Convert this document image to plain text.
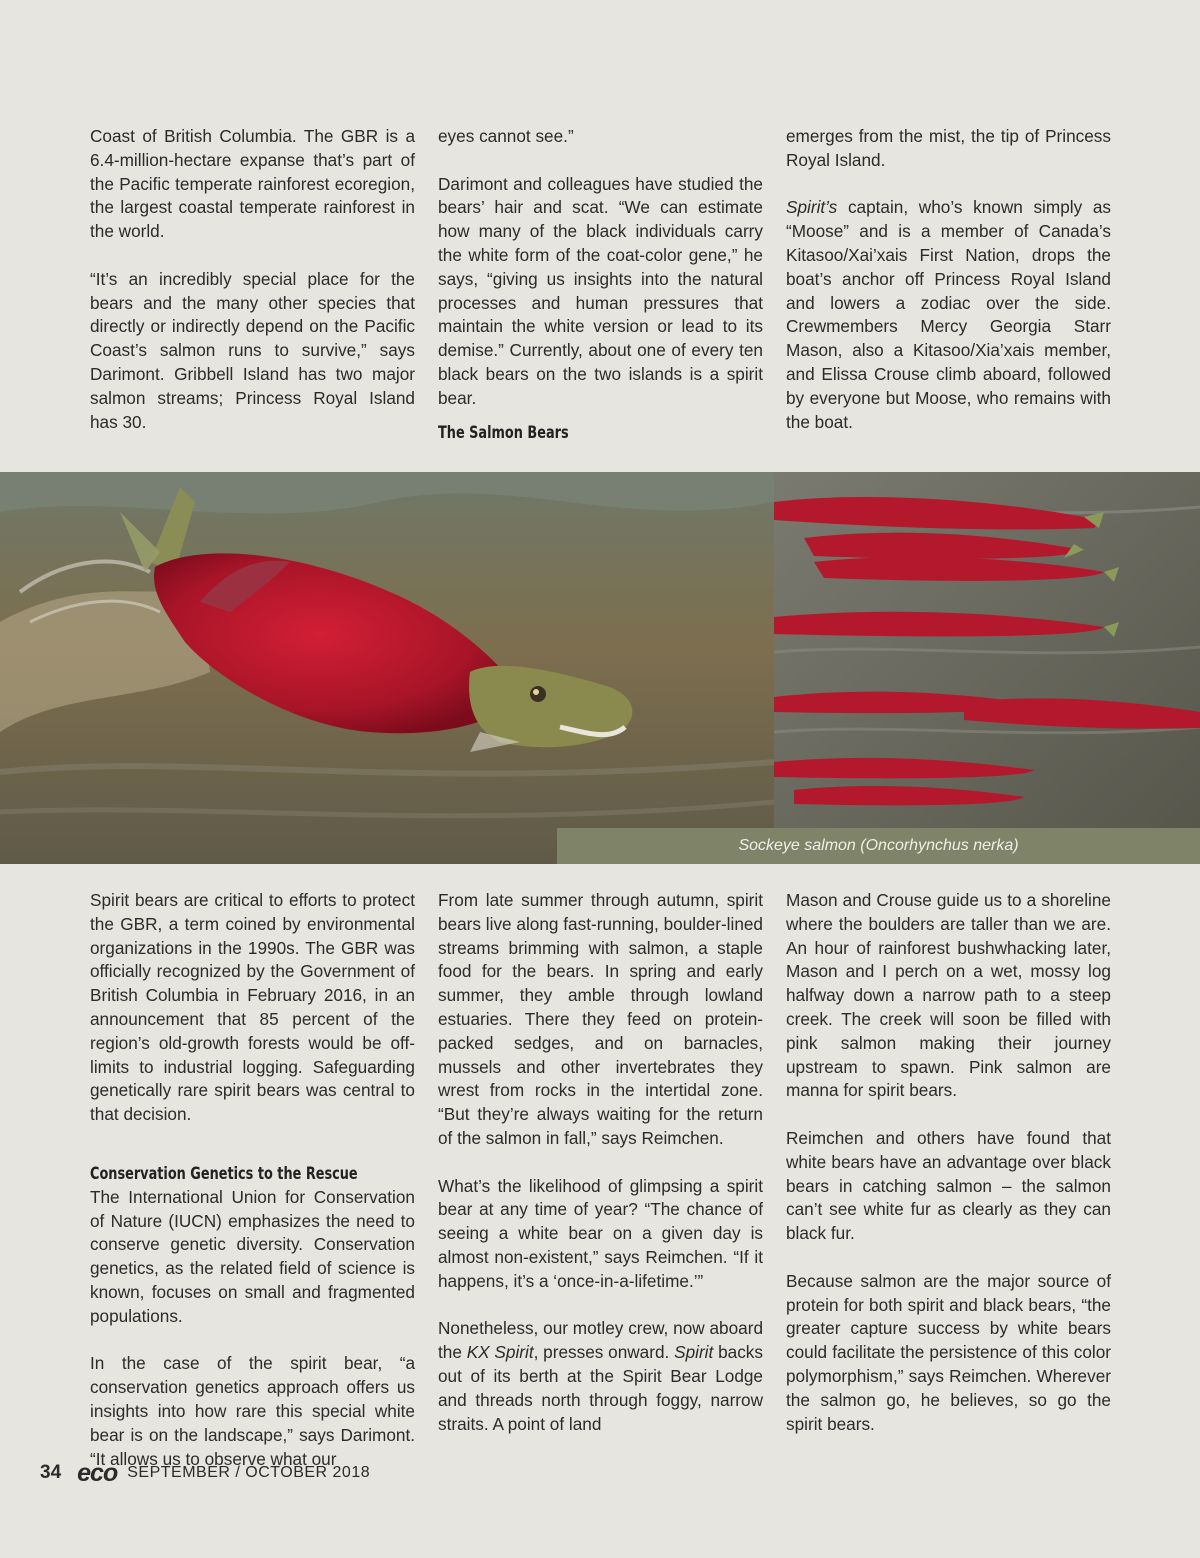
Coast of British Columbia. The GBR is a 6.4-million-hectare expanse that’s part of the Pacific temperate rainforest ecoregion, the largest coastal temperate rainforest in the world.

“It’s an incredibly special place for the bears and the many other species that directly or indirectly depend on the Pacific Coast’s salmon runs to survive,” says Darimont. Gribbell Island has two major salmon streams; Princess Royal Island has 30.

eyes cannot see.”

Darimont and colleagues have studied the bears’ hair and scat. “We can estimate how many of the black individuals carry the white form of the coat-color gene,” he says, “giving us insights into the natural processes and human pressures that maintain the white version or lead to its demise.” Currently, about one of every ten black bears on the two islands is a spirit bear.

The Salmon Bears

emerges from the mist, the tip of Princess Royal Island.

Spirit’s captain, who’s known simply as “Moose” and is a member of Canada’s Kitasoo/Xai’xais First Nation, drops the boat’s anchor off Princess Royal Island and lowers a zodiac over the side. Crewmembers Mercy Georgia Starr Mason, also a Kitasoo/Xia’xais member, and Elissa Crouse climb aboard, followed by everyone but Moose, who remains with the boat.

Sockeye salmon (Oncorhynchus nerka)

Spirit bears are critical to efforts to protect the GBR, a term coined by environmental organizations in the 1990s. The GBR was officially recognized by the Government of British Columbia in February 2016, in an announcement that 85 percent of the region’s old-growth forests would be off-limits to industrial logging. Safeguarding genetically rare spirit bears was central to that decision.

Conservation Genetics to the Rescue

The International Union for Conservation of Nature (IUCN) emphasizes the need to conserve genetic diversity. Conservation genetics, as the related field of science is known, focuses on small and fragmented populations.

In the case of the spirit bear, “a conservation genetics approach offers us insights into how rare this special white bear is on the landscape,” says Darimont. “It allows us to observe what our

From late summer through autumn, spirit bears live along fast-running, boulder-lined streams brimming with salmon, a staple food for the bears. In spring and early summer, they amble through lowland estuaries. There they feed on protein-packed sedges, and on barnacles, mussels and other invertebrates they wrest from rocks in the intertidal zone. “But they’re always waiting for the return of the salmon in fall,” says Reimchen.

What’s the likelihood of glimpsing a spirit bear at any time of year? “The chance of seeing a white bear on a given day is almost non-existent,” says Reimchen. “If it happens, it’s a ‘once-in-a-lifetime.’”

Nonetheless, our motley crew, now aboard the KX Spirit, presses onward. Spirit backs out of its berth at the Spirit Bear Lodge and threads north through foggy, narrow straits. A point of land

Mason and Crouse guide us to a shoreline where the boulders are taller than we are. An hour of rainforest bushwhacking later, Mason and I perch on a wet, mossy log halfway down a narrow path to a steep creek. The creek will soon be filled with pink salmon making their journey upstream to spawn. Pink salmon are manna for spirit bears.

Reimchen and others have found that white bears have an advantage over black bears in catching salmon – the salmon can’t see white fur as clearly as they can black fur.

Because salmon are the major source of protein for both spirit and black bears, “the greater capture success by white bears could facilitate the persistence of this color polymorphism,” says Reimchen. Wherever the salmon go, he believes, so go the spirit bears.

34 eco SEPTEMBER / OCTOBER 2018
